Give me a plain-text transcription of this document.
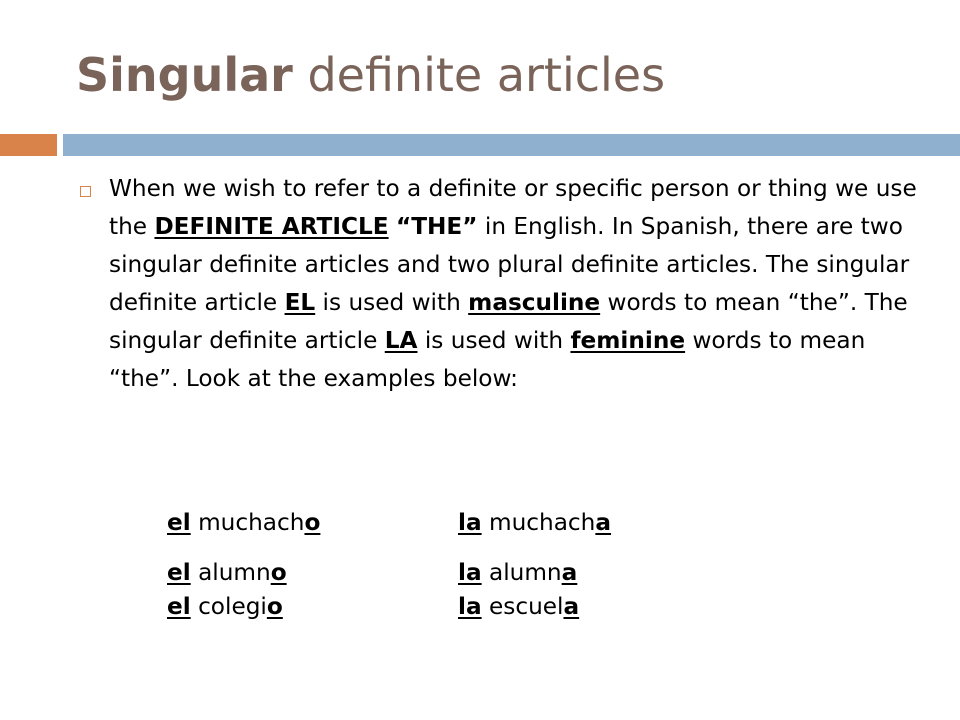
Singular definite articles

When we wish to refer to a definite or specific person or thing we use the DEFINITE ARTICLE “THE” in English. In Spanish, there are two singular definite articles and two plural definite articles. The singular definite article EL is used with masculine words to mean “the”. The singular definite article LA is used with feminine words to mean “the”. Look at the examples below:

el muchacho	la muchacha
el alumno	la alumna
el colegio	la escuela
